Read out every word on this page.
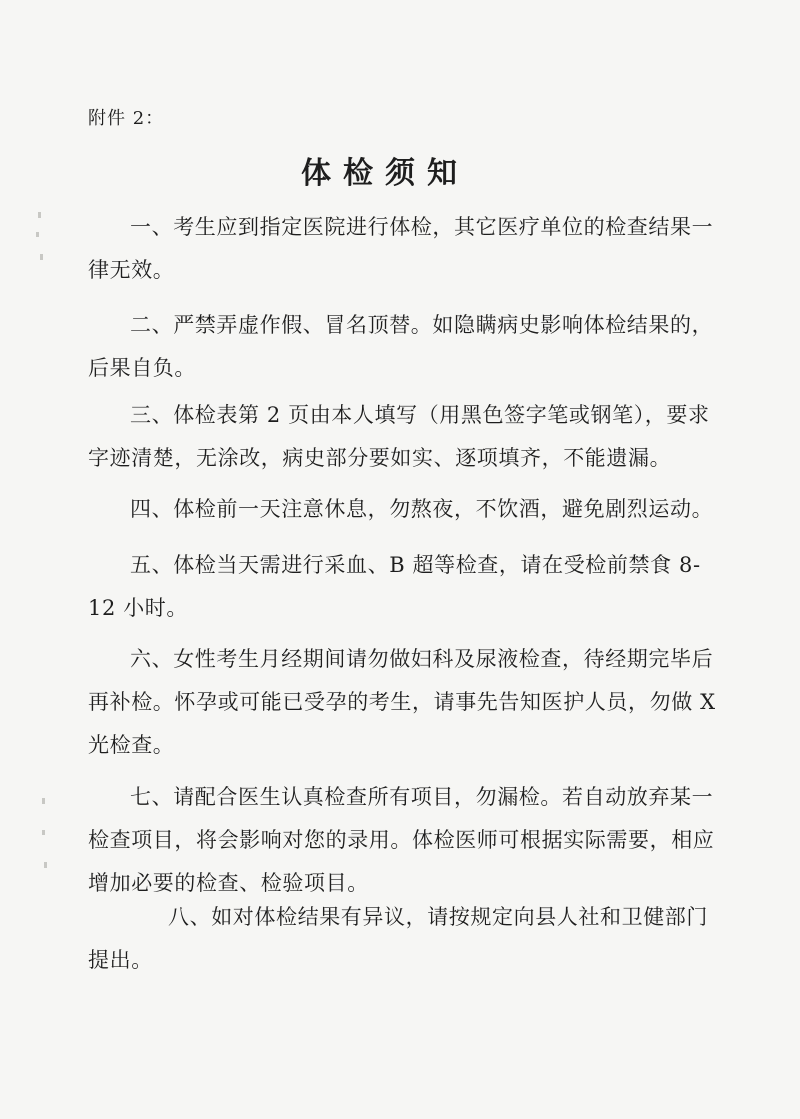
附件 2：
体检须知

一、考生应到指定医院进行体检，其它医疗单位的检查结果一律无效。

二、严禁弄虚作假、冒名顶替。如隐瞒病史影响体检结果的，后果自负。

三、体检表第 2 页由本人填写（用黑色签字笔或钢笔），要求字迹清楚，无涂改，病史部分要如实、逐项填齐，不能遗漏。

四、体检前一天注意休息，勿熬夜，不饮酒，避免剧烈运动。

五、体检当天需进行采血、B 超等检查，请在受检前禁食 8-12 小时。

六、女性考生月经期间请勿做妇科及尿液检查，待经期完毕后再补检。怀孕或可能已受孕的考生，请事先告知医护人员，勿做 X 光检查。

七、请配合医生认真检查所有项目，勿漏检。若自动放弃某一检查项目，将会影响对您的录用。体检医师可根据实际需要，相应增加必要的检查、检验项目。

八、如对体检结果有异议，请按规定向县人社和卫健部门提出。
